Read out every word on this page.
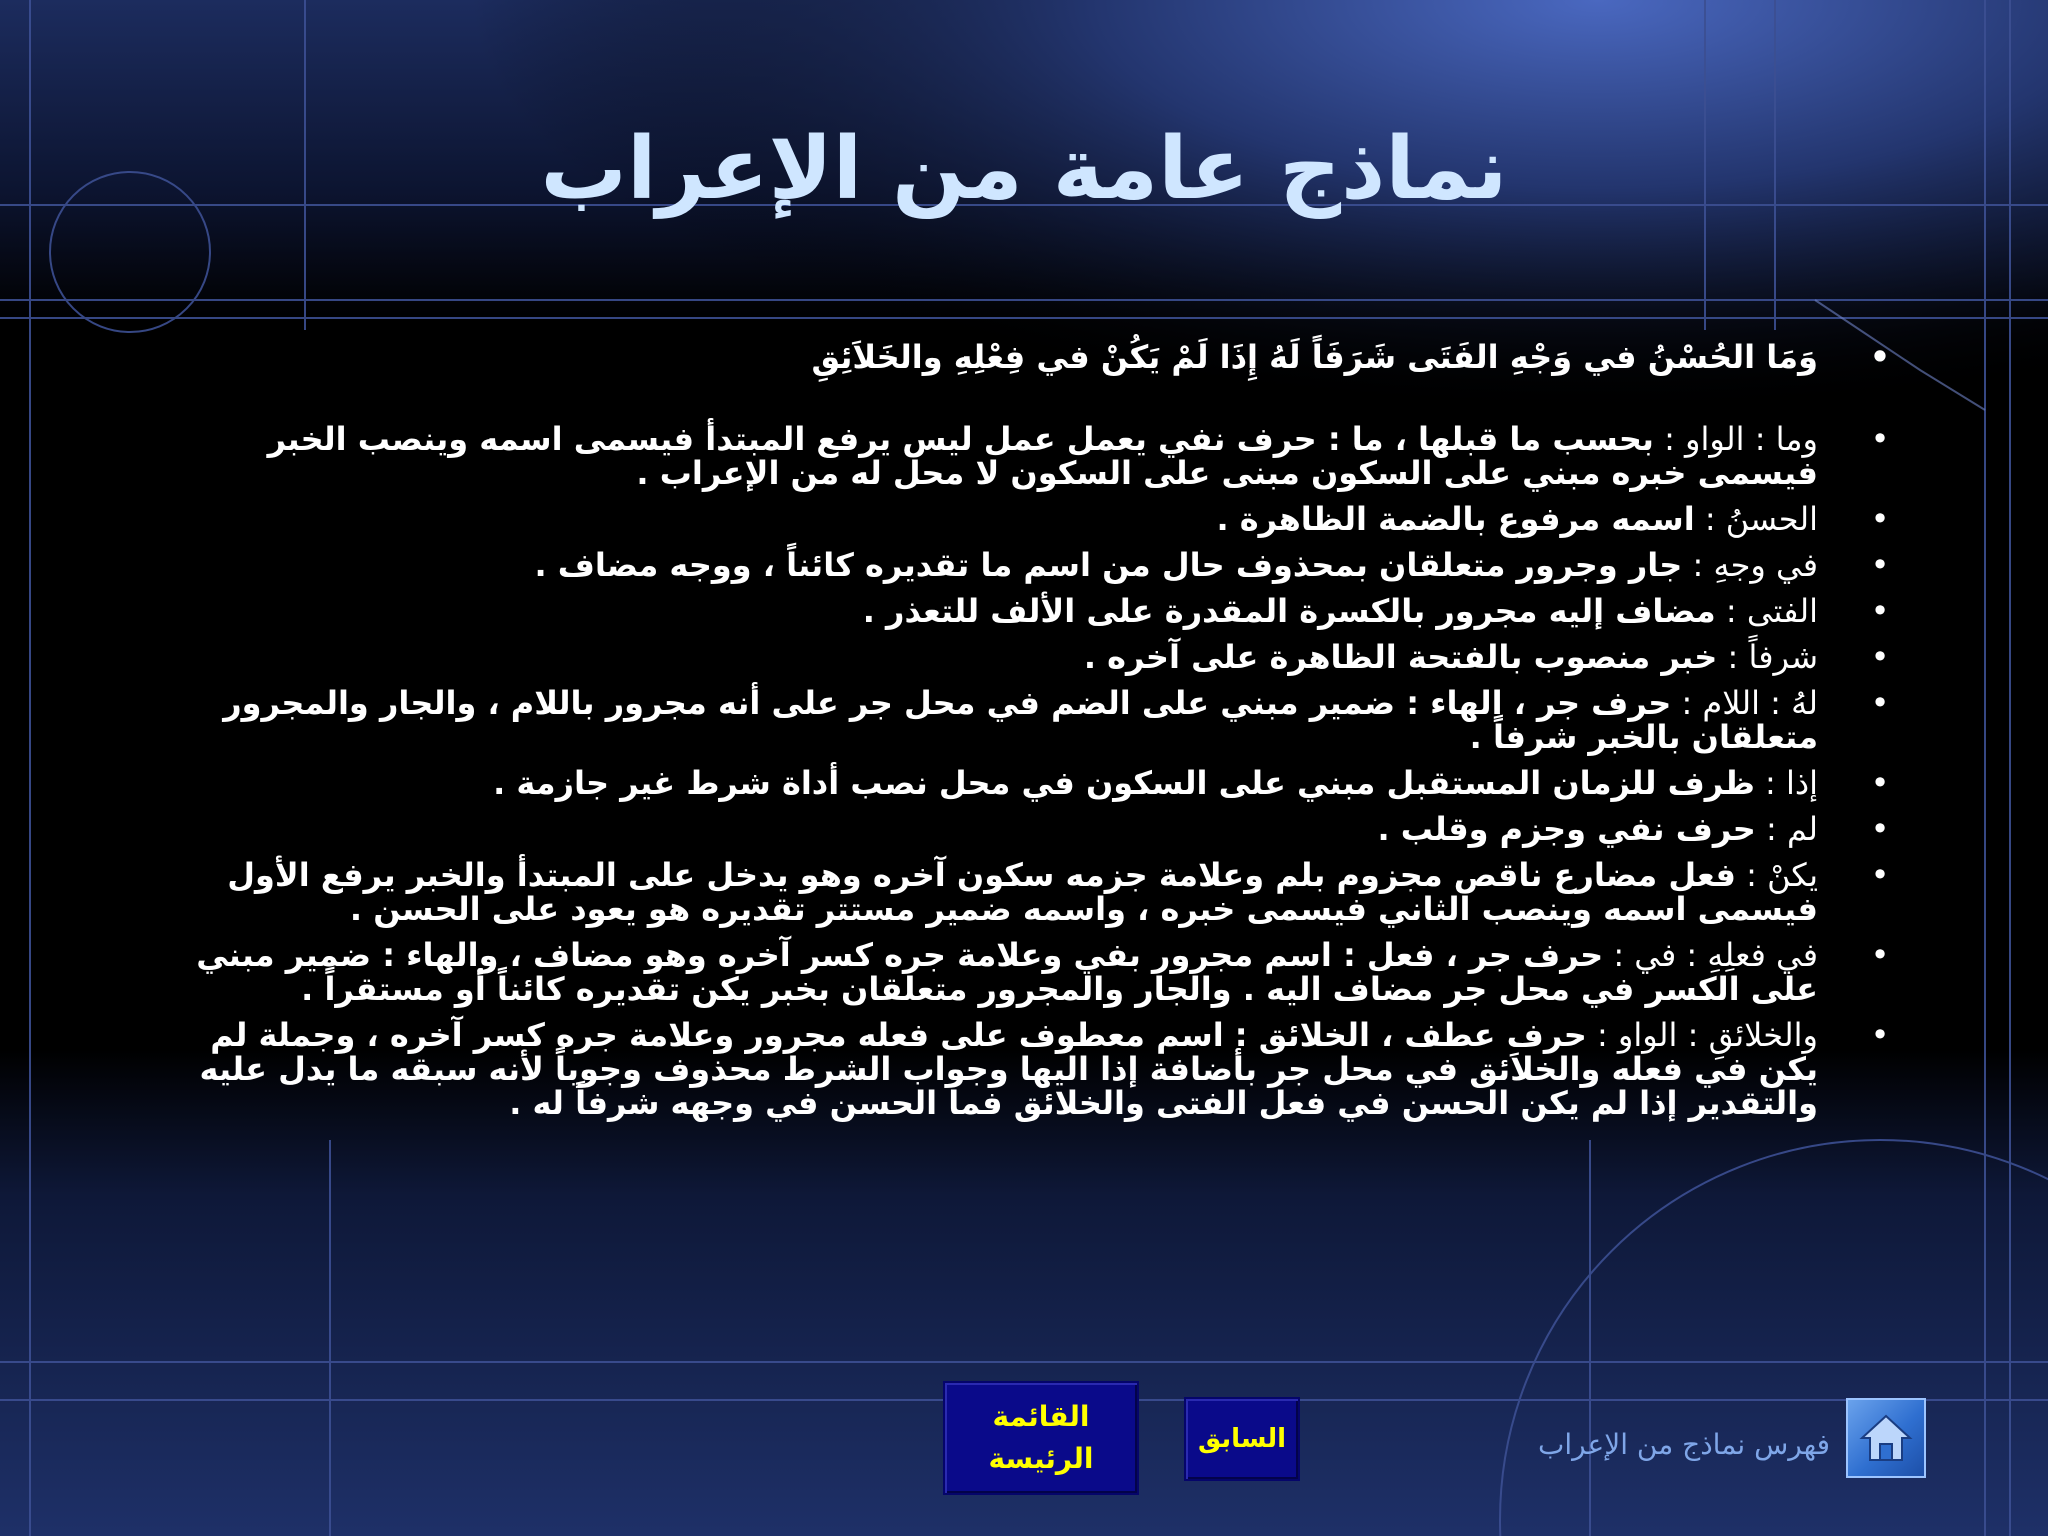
نماذج عامة من الإعراب
•
وَمَا الحُسْنُ في وَجْهِ الفَتَى شَرَفَاً لَهُ إِذَا لَمْ يَكُنْ في فِعْلِهِ والخَلاَئِقِ
•
وما : الواو : بحسب ما قبلها ، ما : حرف نفي يعمل عمل ليس يرفع المبتدأ فيسمى اسمه وينصب الخبر فيسمى خبره مبني على السكون مبنى على السكون لا محل له من الإعراب .
•
الحسنُ : اسمه مرفوع بالضمة الظاهرة .
•
في وجهِ : جار وجرور متعلقان بمحذوف حال من اسم ما تقديره كائناً ، ووجه مضاف .
•
الفتى : مضاف إليه مجرور بالكسرة المقدرة على الألف للتعذر .
•
شرفاً : خبر منصوب بالفتحة الظاهرة على آخره .
•
لهُ : اللام : حرف جر ، الهاء : ضمير مبني على الضم في محل جر على أنه مجرور باللام ، والجار والمجرور متعلقان بالخبر شرفاً .
•
إذا : ظرف للزمان المستقبل مبني على السكون في محل نصب أداة شرط غير جازمة .
•
لم : حرف نفي وجزم وقلب .
•
يكنْ : فعل مضارع ناقص مجزوم بلم وعلامة جزمه سكون آخره وهو يدخل على المبتدأ والخبر يرفع الأول فيسمى اسمه وينصب الثاني فيسمى خبره ، واسمه ضمير مستتر تقديره هو يعود على الحسن .
•
في فعلِهِ : في : حرف جر ، فعل : اسم مجرور بفي وعلامة جره كسر آخره وهو مضاف ، والهاء : ضمير مبني على الكسر في محل جر مضاف اليه . والجار والمجرور متعلقان بخبر يكن تقديره كائناً أو مستقراً .
•
والخلائقِ : الواو : حرف عطف ، الخلائق : اسم معطوف على فعله مجرور وعلامة جره كسر آخره ، وجملة لم يكن في فعله والخلاَئق في محل جر بأضافة إذا اليها وجواب الشرط محذوف وجوباً لأنه سبقه ما يدل عليه والتقدير إذا لم يكن الحسن في فعل الفتى والخلائق فما الحسن في وجهه شرفاً له .
القائمة الرئيسة
السابق	فهرس نماذج من الإعراب
